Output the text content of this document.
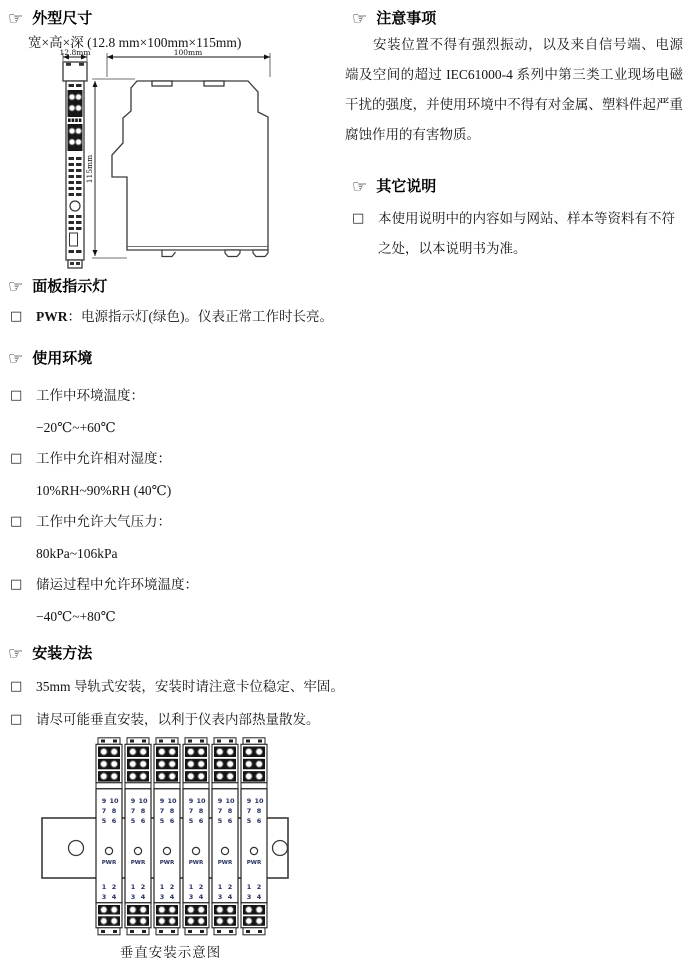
☞ 外型尺寸
宽×高×深 (12.8 mm×100mm×115mm)
12.8mm	100mm
115mm
☞ 面板指示灯
□ PWR：电源指示灯(绿色)。仪表正常工作时长亮。
☞ 使用环境
□ 工作中环境温度：
−20℃~+60℃
□ 工作中允许相对湿度：
10%RH~90%RH (40℃)
□ 工作中允许大气压力：
80kPa~106kPa
□ 储运过程中允许环境温度：
−40℃~+80℃
☞ 安装方法
□ 35mm 导轨式安装，安装时请注意卡位稳定、牢固。
□ 请尽可能垂直安装，以利于仪表内部热量散发。
9 10
7 8
5 6
PWR
1 2
3 4
9 10
7 8
5 6
PWR
1 2
3 4
9 10
7 8
5 6
PWR
1 2
3 4
9 10
7 8
5 6
PWR
1 2
3 4
9 10
7 8
5 6
PWR
1 2
3 4
9 10
7 8
5 6
PWR
1 2
3 4
垂直安装示意图
☞ 注意事项
安装位置不得有强烈振动，以及来自信号端、电源端及空间的超过 IEC61000-4 系列中第三类工业现场电磁干扰的强度，并使用环境中不得有对金属、塑料件起严重腐蚀作用的有害物质。
☞ 其它说明
□ 本使用说明中的内容如与网站、样本等资料有不符之处，以本说明书为准。
